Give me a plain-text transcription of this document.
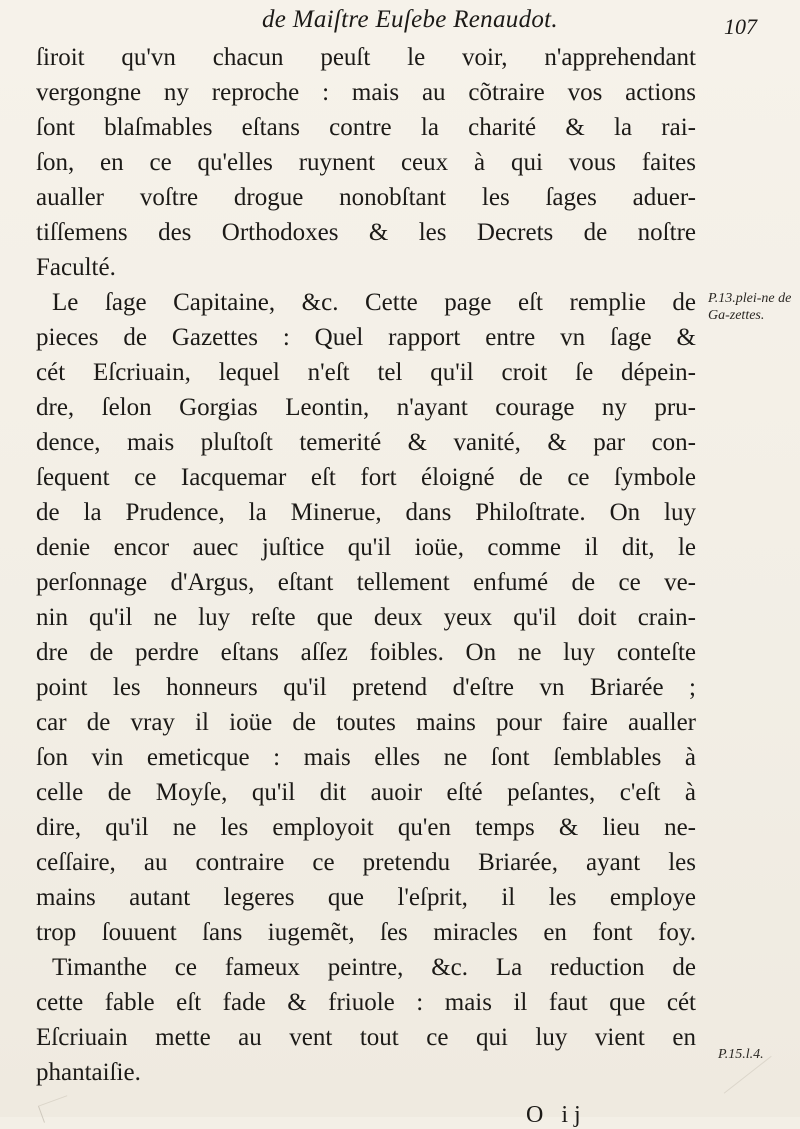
de Maiſtre Euſebe Renaudot.	107
ſiroit qu'vn chacun peuſt le voir, n'apprehendant
vergongne ny reproche : mais au cõtraire vos actions
ſont blaſmables eſtans contre la charité & la rai-
ſon, en ce qu'elles ruynent ceux à qui vous faites
aualler voſtre drogue nonobſtant les ſages aduer-
tiſſemens des Orthodoxes & les Decrets de noſtre
Faculté.
Le ſage Capitaine, &c. Cette page eſt remplie de
pieces de Gazettes : Quel rapport entre vn ſage &
cét Eſcriuain, lequel n'eſt tel qu'il croit ſe dépein-
dre, ſelon Gorgias Leontin, n'ayant courage ny pru-
dence, mais pluſtoſt temerité & vanité, & par con-
ſequent ce Iacquemar eſt fort éloigné de ce ſymbole
de la Prudence, la Minerue, dans Philoſtrate. On luy
denie encor auec juſtice qu'il ioüe, comme il dit, le
perſonnage d'Argus, eſtant tellement enfumé de ce ve-
nin qu'il ne luy reſte que deux yeux qu'il doit crain-
dre de perdre eſtans aſſez foibles. On ne luy conteſte
point les honneurs qu'il pretend d'eſtre vn Briarée ;
car de vray il ioüe de toutes mains pour faire aualler
ſon vin emeticque : mais elles ne ſont ſemblables à
celle de Moyſe, qu'il dit auoir eſté peſantes, c'eſt à
dire, qu'il ne les employoit qu'en temps & lieu ne-
ceſſaire, au contraire ce pretendu Briarée, ayant les
mains autant legeres que l'eſprit, il les employe
trop ſouuent ſans iugemẽt, ſes miracles en font foy.
Timanthe ce fameux peintre, &c. La reduction de
cette fable eſt fade & friuole : mais il faut que cét
Eſcriuain mette au vent tout ce qui luy vient en
phantaiſie.
P.13.plei-ne de Ga-zettes.
P.15.l.4.
O ij
